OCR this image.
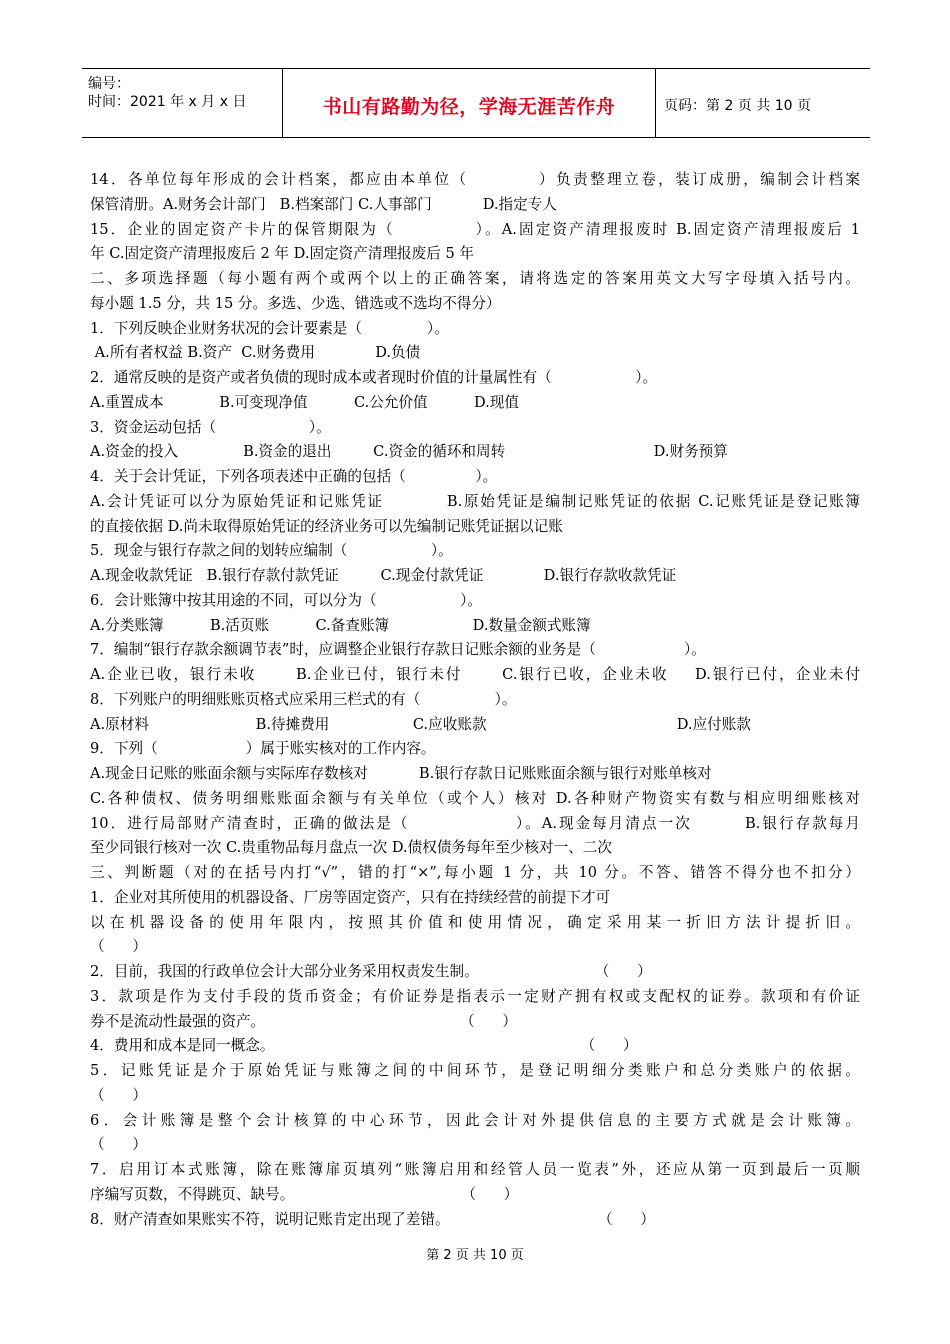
编号：
时间：2021 年 x 月 x 日	书山有路勤为径，学海无涯苦作舟	页码：第 2 页 共 10 页
14．各单位每年形成的会计档案，都应由本单位（          ）负责整理立卷，装订成册，编制会计档案
保管清册。A.财务会计部门   B.档案部门 C.人事部门           D.指定专人
15．企业的固定资产卡片的保管期限为（            ）。A.固定资产清理报废时 B.固定资产清理报废后 1
年 C.固定资产清理报废后 2 年 D.固定资产清理报废后 5 年
二、多项选择题（每小题有两个或两个以上的正确答案，请将选定的答案用英文大写字母填入括号内。
每小题 1.5 分，共 15 分。多选、少选、错选或不选均不得分）
1．下列反映企业财务状况的会计要素是（              ）。
A.所有者权益 B.资产  C.财务费用             D.负债
2．通常反映的是资产或者负债的现时成本或者现时价值的计量属性有（                  ）。
A.重置成本            B.可变现净值          C.公允价值          D.现值
3．资金运动包括（                    ）。
A.资金的投入              B.资金的退出         C.资金的循环和周转                                D.财务预算
4．关于会计凭证，下列各项表述中正确的包括（               ）。
A.会计凭证可以分为原始凭证和记账凭证          B.原始凭证是编制记账凭证的依据 C.记账凭证是登记账簿
的直接依据 D.尚未取得原始凭证的经济业务可以先编制记账凭证据以记账
5．现金与银行存款之间的划转应编制（                  ）。
A.现金收款凭证   B.银行存款付款凭证         C.现金付款凭证             D.银行存款收款凭证
6．会计账簿中按其用途的不同，可以分为（                  ）。
A.分类账簿          B.活页账          C.备查账簿                  D.数量金额式账簿
7．编制“银行存款余额调节表”时，应调整企业银行存款日记账余额的业务是（                   ）。
A.企业已收，银行未收      B.企业已付，银行未付      C.银行已收，企业未收    D.银行已付，企业未付
8．下列账户的明细账账页格式应采用三栏式的有（                ）。
A.原材料                       B.待摊费用                  C.应收账款                                         D.应付账款
9．下列（                   ）属于账实核对的工作内容。
A.现金日记账的账面余额与实际库存数核对           B.银行存款日记账账面余额与银行对账单核对
C.各种债权、债务明细账账面余额与有关单位（或个人）核对 D.各种财产物资实有数与相应明细账核对
10．进行局部财产清查时，正确的做法是（                ）。A.现金每月清点一次        B.银行存款每月
至少同银行核对一次 C.贵重物品每月盘点一次 D.债权债务每年至少核对一、二次
三、判断题（对的在括号内打“√”，错的打“×”,每小题 1 分，共 10 分。不答、错答不得分也不扣分）
1．企业对其所使用的机器设备、厂房等固定资产，只有在持续经营的前提下才可
以在机器设备的使用年限内，按照其价值和使用情况，确定采用某一折旧方法计提折旧。
（      ）
2．目前，我国的行政单位会计大部分业务采用权责发生制。                         （      ）
3．款项是作为支付手段的货币资金；有价证券是指表示一定财产拥有权或支配权的证券。款项和有价证
券不是流动性最强的资产。                                          （      ）
4．费用和成本是同一概念。                                                                  （      ）
5．记账凭证是介于原始凭证与账簿之间的中间环节，是登记明细分类账户和总分类账户的依据。
（      ）
6．会计账簿是整个会计核算的中心环节，因此会计对外提供信息的主要方式就是会计账簿。
（      ）
7．启用订本式账簿，除在账簿扉页填列“账簿启用和经管人员一览表”外，还应从第一页到最后一页顺
序编写页数，不得跳页、缺号。                                    （      ）
8．财产清查如果账实不符，说明记账肯定出现了差错。                                （      ）
第 2 页 共 10 页
